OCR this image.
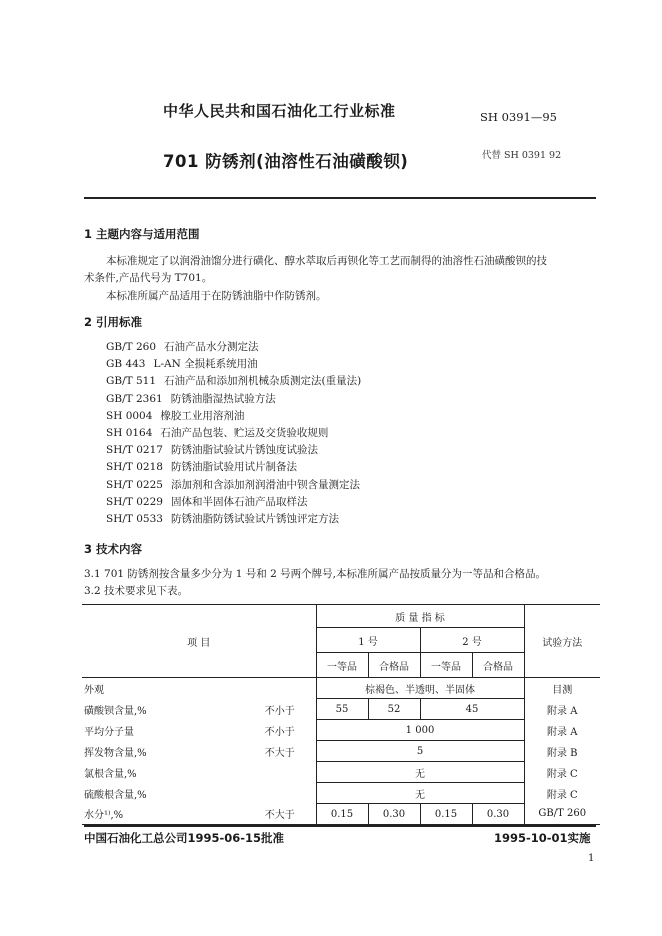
中华人民共和国石油化工行业标准	SH 0391—95
701 防锈剂(油溶性石油磺酸钡)	代替 SH 0391 92
1 主题内容与适用范围
本标准规定了以润滑油馏分进行磺化、醇水萃取后再钡化等工艺而制得的油溶性石油磺酸钡的技
术条件,产品代号为 T701。
本标准所属产品适用于在防锈油脂中作防锈剂。
2 引用标准
GB/T 260 石油产品水分测定法
GB 443 L-AN 全损耗系统用油
GB/T 511 石油产品和添加剂机械杂质测定法(重量法)
GB/T 2361 防锈油脂湿热试验方法
SH 0004 橡胶工业用溶剂油
SH 0164 石油产品包装、贮运及交货验收规则
SH/T 0217 防锈油脂试验试片锈蚀度试验法
SH/T 0218 防锈油脂试验用试片制备法
SH/T 0225 添加剂和含添加剂润滑油中钡含量测定法
SH/T 0229 固体和半固体石油产品取样法
SH/T 0533 防锈油脂防锈试验试片锈蚀评定方法
3 技术内容
3.1 701 防锈剂按含量多少分为 1 号和 2 号两个牌号,本标准所属产品按质量分为一等品和合格品。
3.2 技术要求见下表。
项 目		质 量 指 标				试验方法
		1 号		2 号		
		一等品	合格品	一等品	合格品	
外观		棕褐色、半透明、半固体				目测
磺酸钡含量,%	不小于	55	52	45		附录 A
平均分子量	不小于	1 000				附录 A
挥发物含量,%	不大于	5				附录 B
氯根含量,%		无				附录 C
硫酸根含量,%		无				附录 C
水分¹⁾,%	不大于	0.15	0.30	0.15	0.30	GB/T 260
中国石油化工总公司1995-06-15批准	1995-10-01实施
1
